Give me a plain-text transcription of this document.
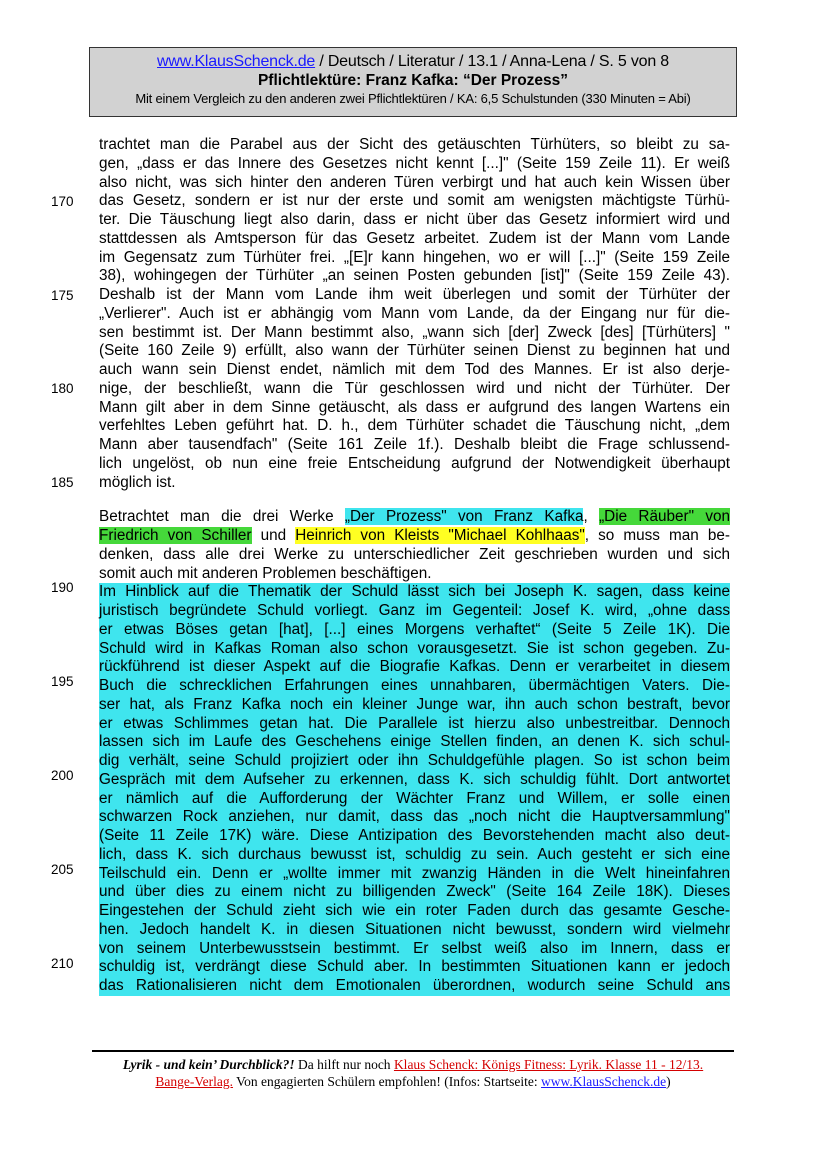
www.KlausSchenck.de / Deutsch / Literatur / 13.1 / Anna-Lena / S. 5 von 8
Pflichtlektüre: Franz Kafka: “Der Prozess”
Mit einem Vergleich zu den anderen zwei Pflichtlektüren / KA: 6,5 Schulstunden (330 Minuten = Abi)
170
175
180
185
190
195
200
205
210
trachtet man die Parabel aus der Sicht des getäuschten Türhüters, so bleibt zu sa-
gen, „dass er das Innere des Gesetzes nicht kennt [...]" (Seite 159 Zeile 11). Er weiß
also nicht, was sich hinter den anderen Türen verbirgt und hat auch kein Wissen über
das Gesetz, sondern er ist nur der erste und somit am wenigsten mächtigste Türhü-
ter. Die Täuschung liegt also darin, dass er nicht über das Gesetz informiert wird und
stattdessen als Amtsperson für das Gesetz arbeitet. Zudem ist der Mann vom Lande
im Gegensatz zum Türhüter frei. „[E]r kann hingehen, wo er will [...]" (Seite 159 Zeile
38), wohingegen der Türhüter „an seinen Posten gebunden [ist]" (Seite 159 Zeile 43).
Deshalb ist der Mann vom Lande ihm weit überlegen und somit der Türhüter der
„Verlierer". Auch ist er abhängig vom Mann vom Lande, da der Eingang nur für die-
sen bestimmt ist. Der Mann bestimmt also, „wann sich [der] Zweck [des] [Türhüters] "
(Seite 160 Zeile 9) erfüllt, also wann der Türhüter seinen Dienst zu beginnen hat und
auch wann sein Dienst endet, nämlich mit dem Tod des Mannes. Er ist also derje-
nige, der beschließt, wann die Tür geschlossen wird und nicht der Türhüter. Der
Mann gilt aber in dem Sinne getäuscht, als dass er aufgrund des langen Wartens ein
verfehltes Leben geführt hat. D. h., dem Türhüter schadet die Täuschung nicht, „dem
Mann aber tausendfach" (Seite 161 Zeile 1f.). Deshalb bleibt die Frage schlussend-
lich ungelöst, ob nun eine freie Entscheidung aufgrund der Notwendigkeit überhaupt
möglich ist.
Betrachtet man die drei Werke „Der Prozess" von Franz Kafka, „Die Räuber" von
Friedrich von Schiller und Heinrich von Kleists "Michael Kohlhaas", so muss man be-
denken, dass alle drei Werke zu unterschiedlicher Zeit geschrieben wurden und sich
somit auch mit anderen Problemen beschäftigen.
Im Hinblick auf die Thematik der Schuld lässt sich bei Joseph K. sagen, dass keine
juristisch begründete Schuld vorliegt. Ganz im Gegenteil: Josef K. wird, „ohne dass
er etwas Böses getan [hat], [...] eines Morgens verhaftet“ (Seite 5 Zeile 1K). Die
Schuld wird in Kafkas Roman also schon vorausgesetzt. Sie ist schon gegeben. Zu-
rückführend ist dieser Aspekt auf die Biografie Kafkas. Denn er verarbeitet in diesem
Buch die schrecklichen Erfahrungen eines unnahbaren, übermächtigen Vaters. Die-
ser hat, als Franz Kafka noch ein kleiner Junge war, ihn auch schon bestraft, bevor
er etwas Schlimmes getan hat. Die Parallele ist hierzu also unbestreitbar. Dennoch
lassen sich im Laufe des Geschehens einige Stellen finden, an denen K. sich schul-
dig verhält, seine Schuld projiziert oder ihn Schuldgefühle plagen. So ist schon beim
Gespräch mit dem Aufseher zu erkennen, dass K. sich schuldig fühlt. Dort antwortet
er nämlich auf die Aufforderung der Wächter Franz und Willem, er solle einen
schwarzen Rock anziehen, nur damit, dass das „noch nicht die Hauptversammlung"
(Seite 11 Zeile 17K) wäre. Diese Antizipation des Bevorstehenden macht also deut-
lich, dass K. sich durchaus bewusst ist, schuldig zu sein. Auch gesteht er sich eine
Teilschuld ein. Denn er „wollte immer mit zwanzig Händen in die Welt hineinfahren
und über dies zu einem nicht zu billigenden Zweck" (Seite 164 Zeile 18K). Dieses
Eingestehen der Schuld zieht sich wie ein roter Faden durch das gesamte Gesche-
hen. Jedoch handelt K. in diesen Situationen nicht bewusst, sondern wird vielmehr
von seinem Unterbewusstsein bestimmt. Er selbst weiß also im Innern, dass er
schuldig ist, verdrängt diese Schuld aber. In bestimmten Situationen kann er jedoch
das Rationalisieren nicht dem Emotionalen überordnen, wodurch seine Schuld ans
Lyrik - und kein’ Durchblick?! Da hilft nur noch Klaus Schenck: Königs Fitness: Lyrik. Klasse 11 - 12/13.
Bange-Verlag. Von engagierten Schülern empfohlen! (Infos: Startseite: www.KlausSchenck.de)
